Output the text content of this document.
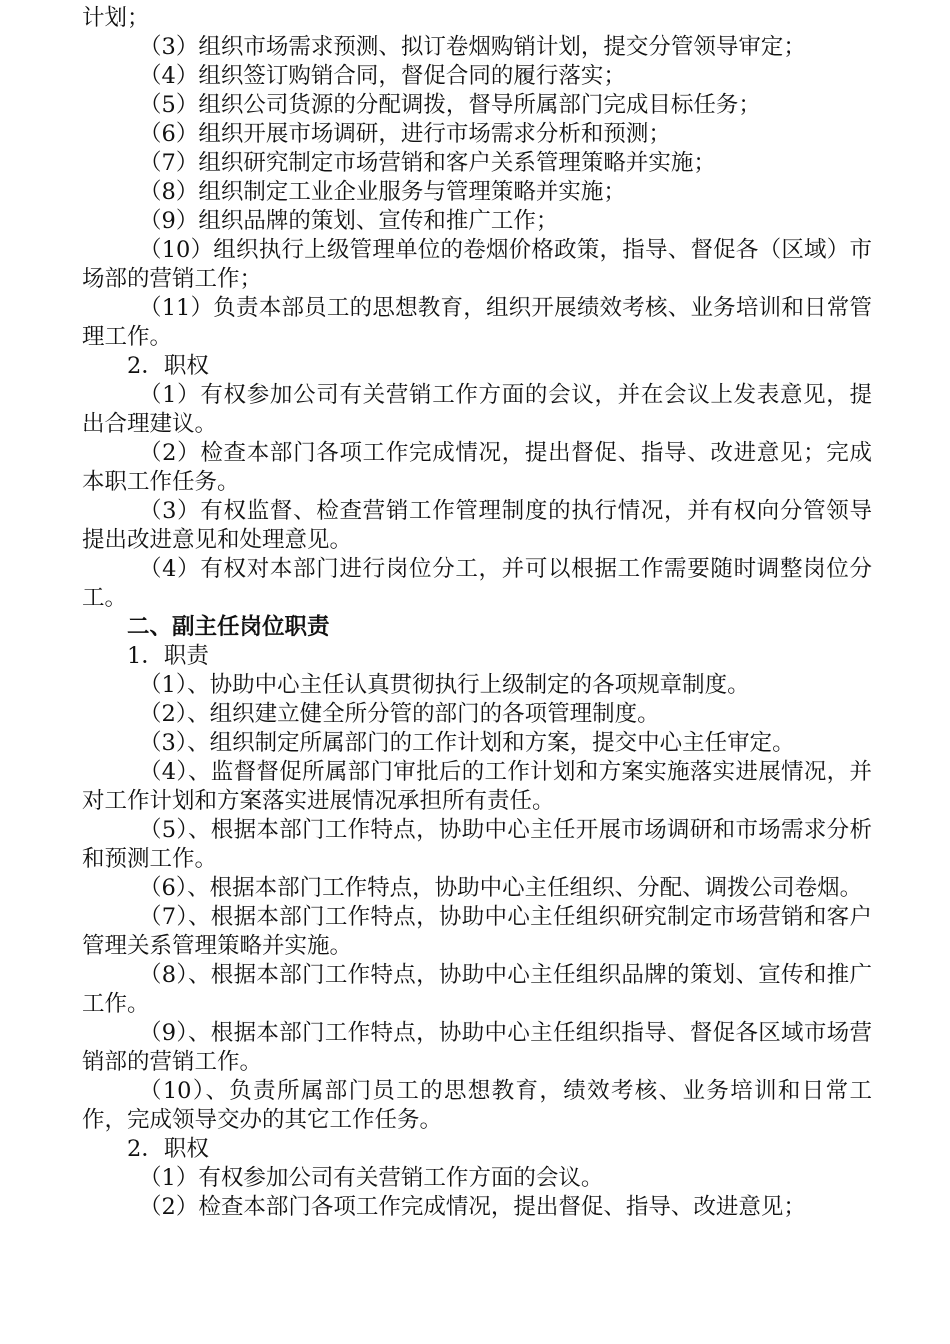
计划；
（3）组织市场需求预测、拟订卷烟购销计划，提交分管领导审定；
（4）组织签订购销合同，督促合同的履行落实；
（5）组织公司货源的分配调拨，督导所属部门完成目标任务；
（6）组织开展市场调研，进行市场需求分析和预测；
（7）组织研究制定市场营销和客户关系管理策略并实施；
（8）组织制定工业企业服务与管理策略并实施；
（9）组织品牌的策划、宣传和推广工作；
（10）组织执行上级管理单位的卷烟价格政策，指导、督促各（区域）市场部的营销工作；
（11）负责本部员工的思想教育，组织开展绩效考核、业务培训和日常管理工作。
2．职权
（1）有权参加公司有关营销工作方面的会议，并在会议上发表意见，提出合理建议。
（2）检查本部门各项工作完成情况，提出督促、指导、改进意见；完成本职工作任务。
（3）有权监督、检查营销工作管理制度的执行情况，并有权向分管领导提出改进意见和处理意见。
（4）有权对本部门进行岗位分工，并可以根据工作需要随时调整岗位分工。
二、副主任岗位职责
1．职责
（1）、协助中心主任认真贯彻执行上级制定的各项规章制度。
（2）、组织建立健全所分管的部门的各项管理制度。
（3）、组织制定所属部门的工作计划和方案，提交中心主任审定。
（4）、监督督促所属部门审批后的工作计划和方案实施落实进展情况，并对工作计划和方案落实进展情况承担所有责任。
（5）、根据本部门工作特点，协助中心主任开展市场调研和市场需求分析和预测工作。
（6）、根据本部门工作特点，协助中心主任组织、分配、调拨公司卷烟。
（7）、根据本部门工作特点，协助中心主任组织研究制定市场营销和客户管理关系管理策略并实施。
（8）、根据本部门工作特点，协助中心主任组织品牌的策划、宣传和推广工作。
（9）、根据本部门工作特点，协助中心主任组织指导、督促各区域市场营销部的营销工作。
（10）、负责所属部门员工的思想教育，绩效考核、业务培训和日常工作，完成领导交办的其它工作任务。
2．职权
（1）有权参加公司有关营销工作方面的会议。
（2）检查本部门各项工作完成情况，提出督促、指导、改进意见；
